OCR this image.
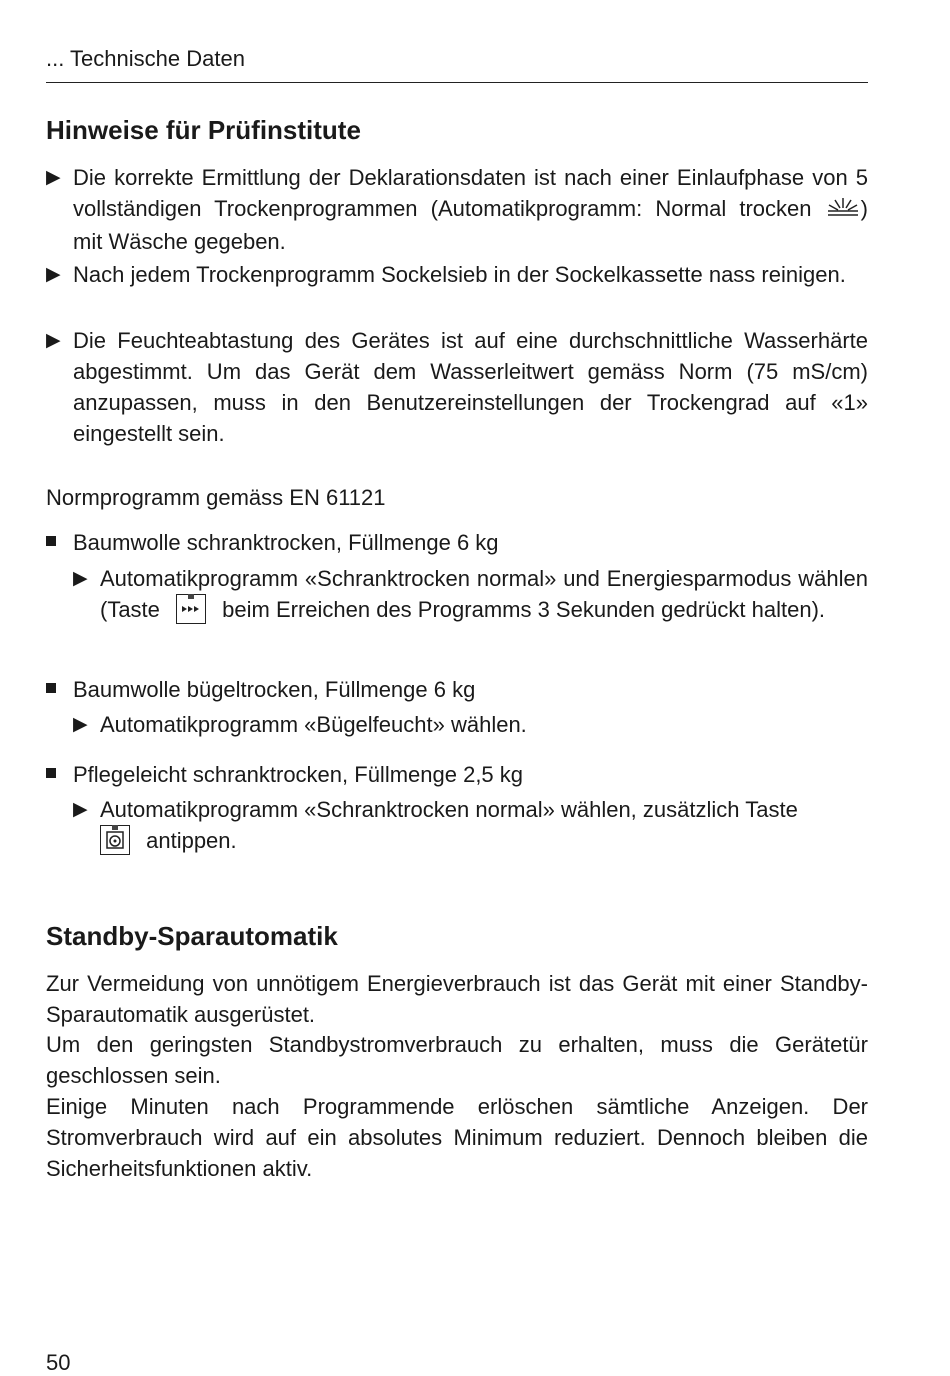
... Technische Daten
Hinweise für Prüfinstitute
▶ Die korrekte Ermittlung der Deklarationsdaten ist nach einer Einlaufphase von 5 vollständigen Trockenprogrammen (Automatikprogramm: Normal trocken ) mit Wäsche gegeben.
▶ Nach jedem Trockenprogramm Sockelsieb in der Sockelkassette nass reinigen.
▶ Die Feuchteabtastung des Gerätes ist auf eine durchschnittliche Wasserhärte abgestimmt. Um das Gerät dem Wasserleitwert gemäss Norm (75 mS/cm) anzupassen, muss in den Benutzereinstellungen der Trockengrad auf «1» eingestellt sein.
Normprogramm gemäss EN 61121
Baumwolle schranktrocken, Füllmenge 6 kg
▶ Automatikprogramm «Schranktrocken normal» und Energiesparmodus wählen (Taste
beim Erreichen des Programms 3 Sekunden gedrückt halten).
Baumwolle bügeltrocken, Füllmenge 6 kg
▶ Automatikprogramm «Bügelfeucht» wählen.
Pflegeleicht schranktrocken, Füllmenge 2,5 kg
▶ Automatikprogramm «Schranktrocken normal» wählen, zusätzlich Taste

antippen.
Standby-Sparautomatik
Zur Vermeidung von unnötigem Energieverbrauch ist das Gerät mit einer Standby-Sparautomatik ausgerüstet.
Um den geringsten Standbystromverbrauch zu erhalten, muss die Gerätetür geschlossen sein.
Einige Minuten nach Programmende erlöschen sämtliche Anzeigen. Der Stromverbrauch wird auf ein absolutes Minimum reduziert. Dennoch bleiben die Sicherheitsfunktionen aktiv.
50
